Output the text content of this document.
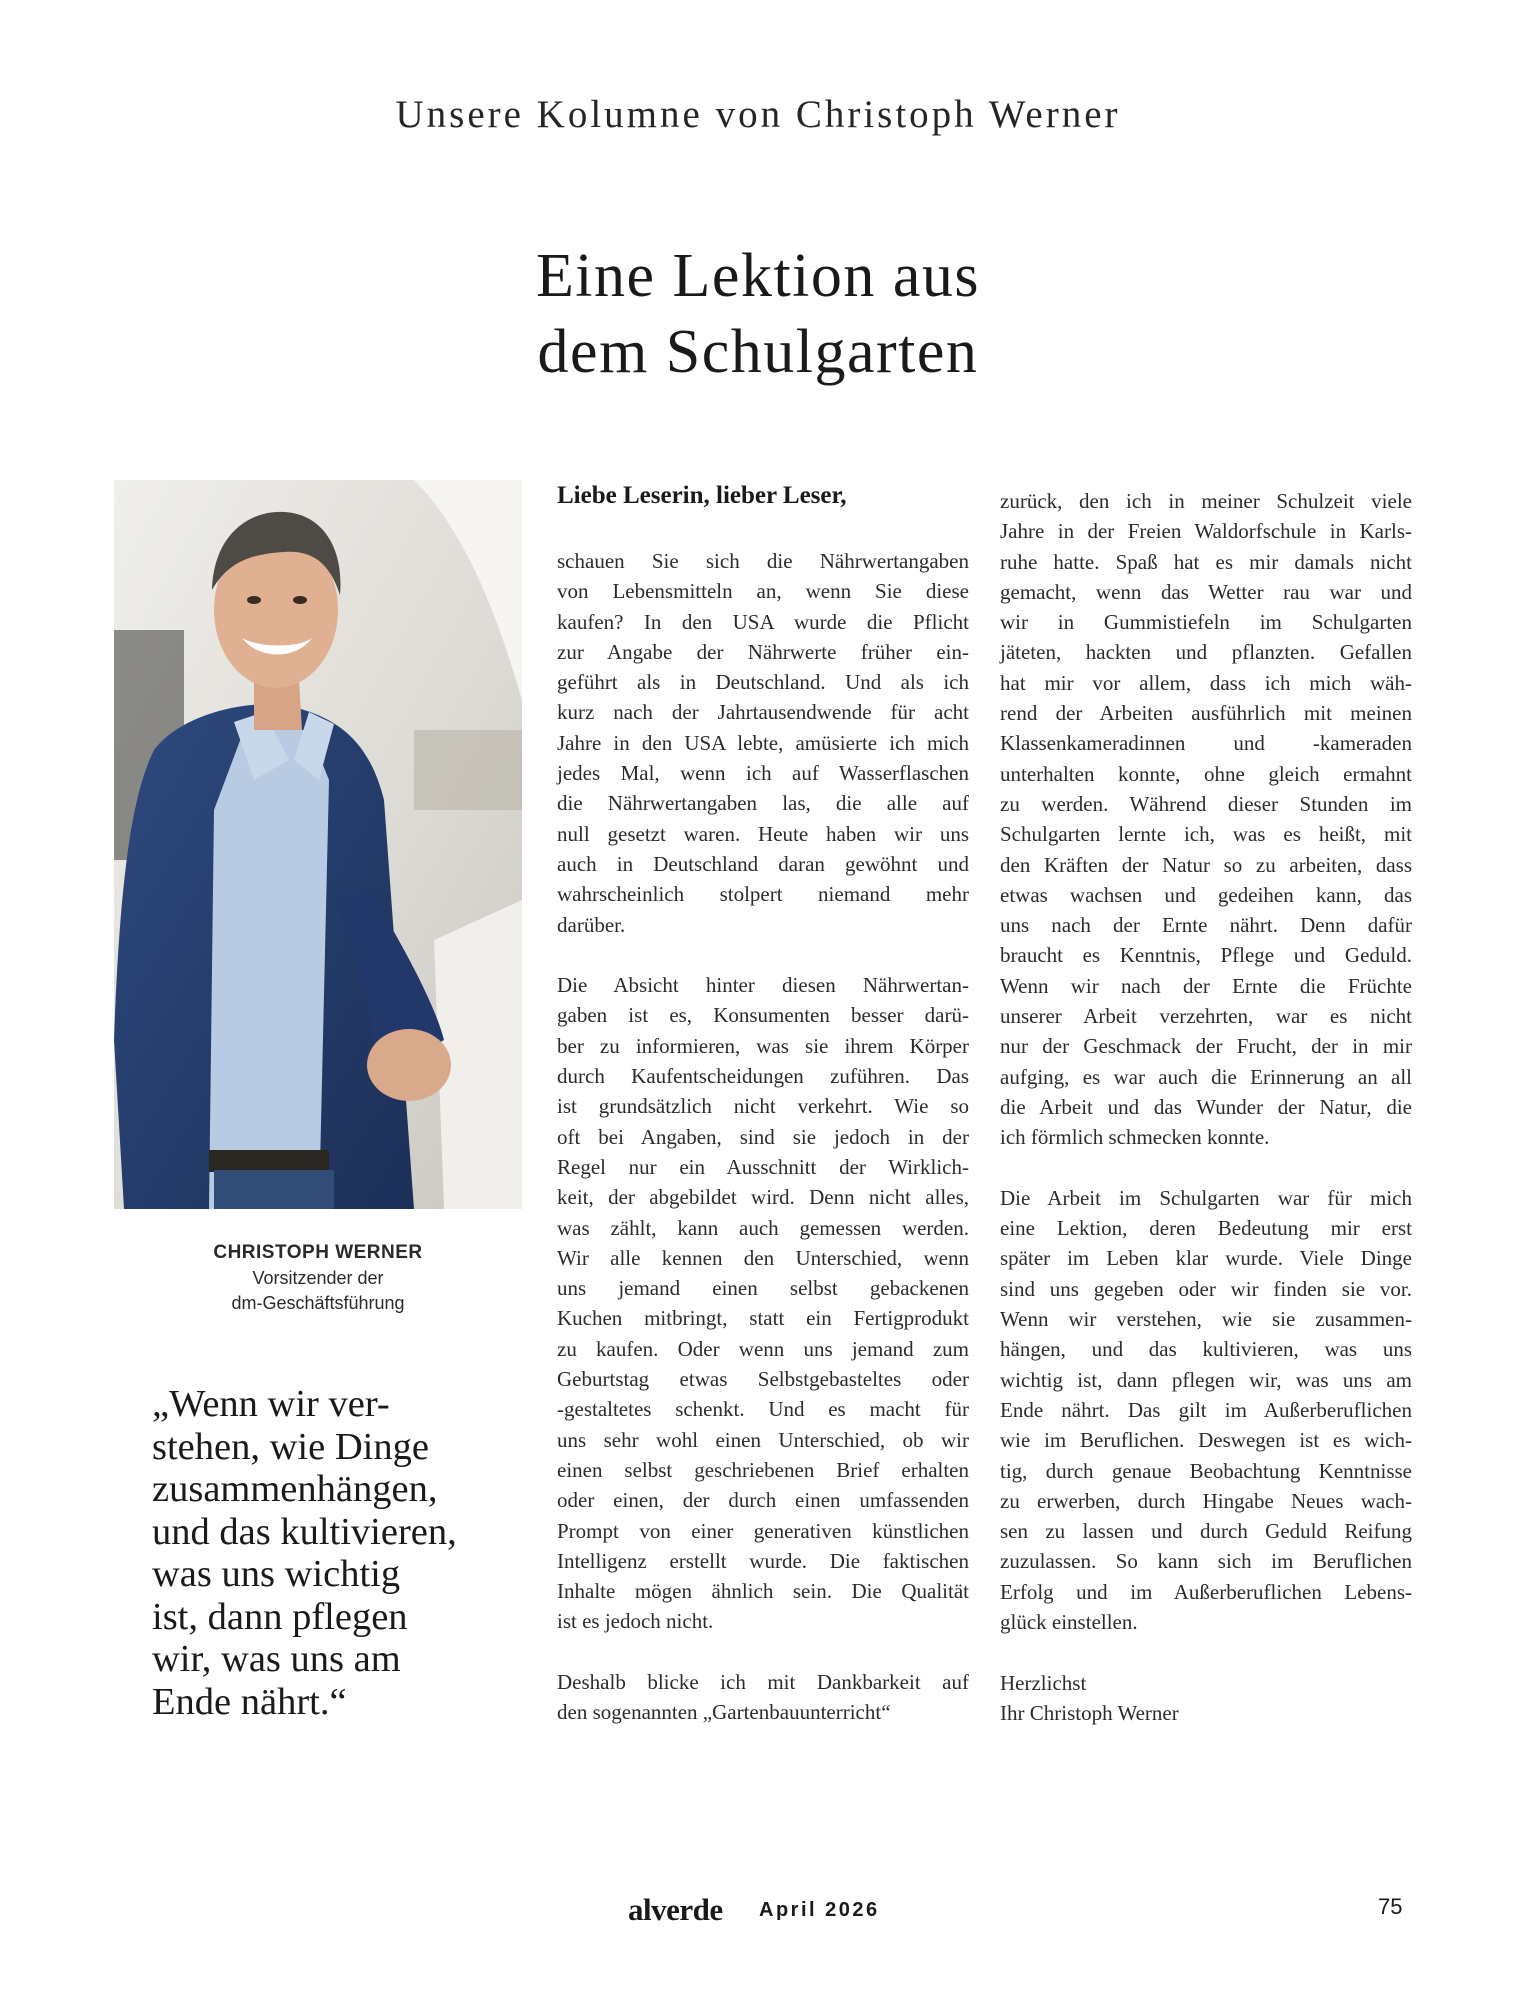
Unsere Kolumne von Christoph Werner
Eine Lektion aus
dem Schulgarten
CHRISTOPH WERNER
Vorsitzender der
dm-Geschäftsführung
„Wenn wir ver-
stehen, wie Dinge
zusammenhängen,
und das kultivieren,
was uns wichtig
ist, dann pflegen
wir, was uns am
Ende nährt.“
Liebe Leserin, lieber Leser,
schauen Sie sich die Nährwertangaben
von Lebensmitteln an, wenn Sie diese
kaufen? In den USA wurde die Pflicht
zur Angabe der Nährwerte früher ein-
geführt als in Deutschland. Und als ich
kurz nach der Jahrtausendwende für acht
Jahre in den USA lebte, amüsierte ich mich
jedes Mal, wenn ich auf Wasserflaschen
die Nährwertangaben las, die alle auf
null gesetzt waren. Heute haben wir uns
auch in Deutschland daran gewöhnt und
wahrscheinlich stolpert niemand mehr
darüber.
Die Absicht hinter diesen Nährwertan-
gaben ist es, Konsumenten besser darü-
ber zu informieren, was sie ihrem Körper
durch Kaufentscheidungen zuführen. Das
ist grundsätzlich nicht verkehrt. Wie so
oft bei Angaben, sind sie jedoch in der
Regel nur ein Ausschnitt der Wirklich-
keit, der abgebildet wird. Denn nicht alles,
was zählt, kann auch gemessen werden.
Wir alle kennen den Unterschied, wenn
uns jemand einen selbst gebackenen
Kuchen mitbringt, statt ein Fertigprodukt
zu kaufen. Oder wenn uns jemand zum
Geburtstag etwas Selbstgebasteltes oder
-gestaltetes schenkt. Und es macht für
uns sehr wohl einen Unterschied, ob wir
einen selbst geschriebenen Brief erhalten
oder einen, der durch einen umfassenden
Prompt von einer generativen künstlichen
Intelligenz erstellt wurde. Die faktischen
Inhalte mögen ähnlich sein. Die Qualität
ist es jedoch nicht.
Deshalb blicke ich mit Dankbarkeit auf
den sogenannten „Gartenbauunterricht“
zurück, den ich in meiner Schulzeit viele
Jahre in der Freien Waldorfschule in Karls-
ruhe hatte. Spaß hat es mir damals nicht
gemacht, wenn das Wetter rau war und
wir in Gummistiefeln im Schulgarten
jäteten, hackten und pflanzten. Gefallen
hat mir vor allem, dass ich mich wäh-
rend der Arbeiten ausführlich mit meinen
Klassenkameradinnen und -kameraden
unterhalten konnte, ohne gleich ermahnt
zu werden. Während dieser Stunden im
Schulgarten lernte ich, was es heißt, mit
den Kräften der Natur so zu arbeiten, dass
etwas wachsen und gedeihen kann, das
uns nach der Ernte nährt. Denn dafür
braucht es Kenntnis, Pflege und Geduld.
Wenn wir nach der Ernte die Früchte
unserer Arbeit verzehrten, war es nicht
nur der Geschmack der Frucht, der in mir
aufging, es war auch die Erinnerung an all
die Arbeit und das Wunder der Natur, die
ich förmlich schmecken konnte.
Die Arbeit im Schulgarten war für mich
eine Lektion, deren Bedeutung mir erst
später im Leben klar wurde. Viele Dinge
sind uns gegeben oder wir finden sie vor.
Wenn wir verstehen, wie sie zusammen-
hängen, und das kultivieren, was uns
wichtig ist, dann pflegen wir, was uns am
Ende nährt. Das gilt im Außerberuflichen
wie im Beruflichen. Deswegen ist es wich-
tig, durch genaue Beobachtung Kenntnisse
zu erwerben, durch Hingabe Neues wach-
sen zu lassen und durch Geduld Reifung
zuzulassen. So kann sich im Beruflichen
Erfolg und im Außerberuflichen Lebens-
glück einstellen.
Herzlichst
Ihr Christoph Werner
alverde April 2026	75
